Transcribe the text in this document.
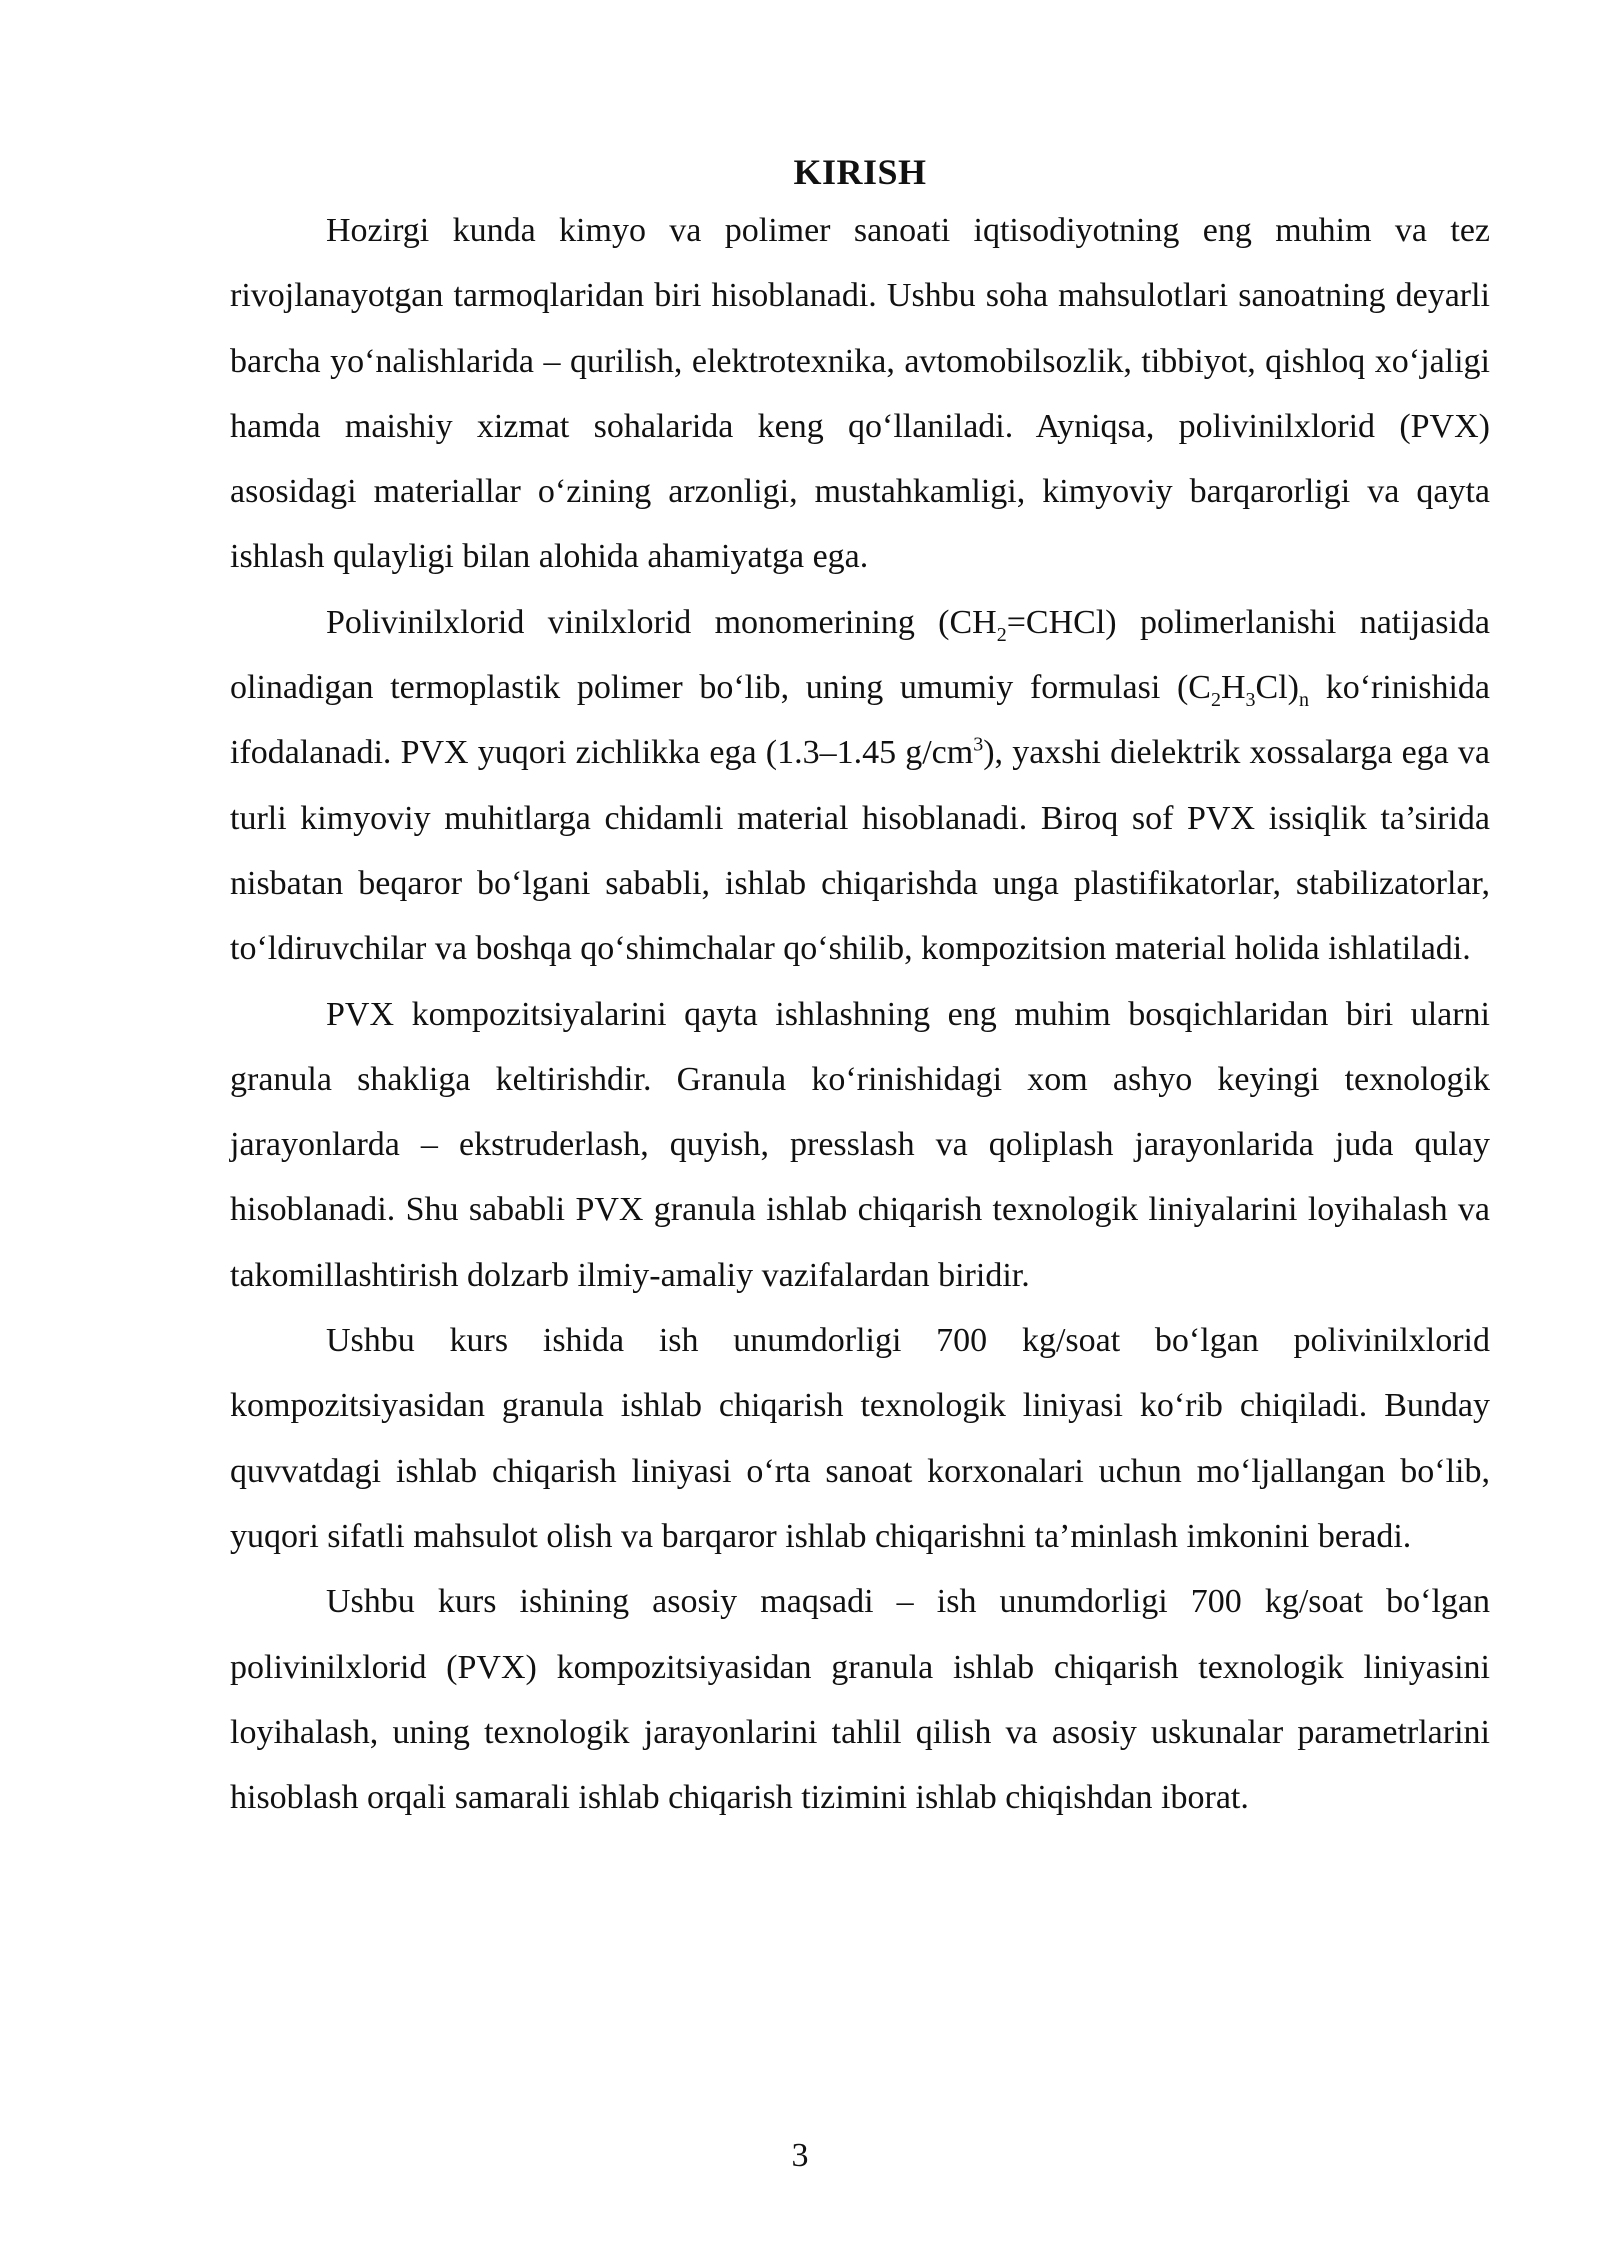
KIRISH

Hozirgi kunda kimyo va polimer sanoati iqtisodiyotning eng muhim va tez rivojlanayotgan tarmoqlaridan biri hisoblanadi. Ushbu soha mahsulotlari sanoatning deyarli barcha yo‘nalishlarida – qurilish, elektrotexnika, avtomobilsozlik, tibbiyot, qishloq xo‘jaligi hamda maishiy xizmat sohalarida keng qo‘llaniladi. Ayniqsa, polivinilxlorid (PVX) asosidagi materiallar o‘zining arzonligi, mustahkamligi, kimyoviy barqarorligi va qayta ishlash qulayligi bilan alohida ahamiyatga ega.

Polivinilxlorid vinilxlorid monomerining $(CH_2=CHCl)$ polimerlanishi natijasida olinadigan termoplastik polimer bo‘lib, uning umumiy formulasi $(C_2H_3Cl)_n$ ko‘rinishida ifodalanadi. PVX yuqori zichlikka ega (1.3–1.45 $g/cm^3$), yaxshi dielektrik xossalarga ega va turli kimyoviy muhitlarga chidamli material hisoblanadi. Biroq sof PVX issiqlik ta’sirida nisbatan beqaror bo‘lgani sababli, ishlab chiqarishda unga plastifikatorlar, stabilizatorlar, to‘ldiruvchilar va boshqa qo‘shimchalar qo‘shilib, kompozitsion material holida ishlatiladi.

PVX kompozitsiyalarini qayta ishlashning eng muhim bosqichlaridan biri ularni granula shakliga keltirishdir. Granula ko‘rinishidagi xom ashyo keyingi texnologik jarayonlarda – ekstruderlash, quyish, presslash va qoliplash jarayonlarida juda qulay hisoblanadi. Shu sababli PVX granula ishlab chiqarish texnologik liniyalarini loyihalash va takomillashtirish dolzarb ilmiy-amaliy vazifalardan biridir.

Ushbu kurs ishida ish unumdorligi 700 kg/soat bo‘lgan polivinilxlorid kompozitsiyasidan granula ishlab chiqarish texnologik liniyasi ko‘rib chiqiladi. Bunday quvvatdagi ishlab chiqarish liniyasi o‘rta sanoat korxonalari uchun mo‘ljallangan bo‘lib, yuqori sifatli mahsulot olish va barqaror ishlab chiqarishni ta’minlash imkonini beradi.

Ushbu kurs ishining asosiy maqsadi – ish unumdorligi 700 kg/soat bo‘lgan polivinilxlorid (PVX) kompozitsiyasidan granula ishlab chiqarish texnologik liniyasini loyihalash, uning texnologik jarayonlarini tahlil qilish va asosiy uskunalar parametrlarini hisoblash orqali samarali ishlab chiqarish tizimini ishlab chiqishdan iborat.

3
